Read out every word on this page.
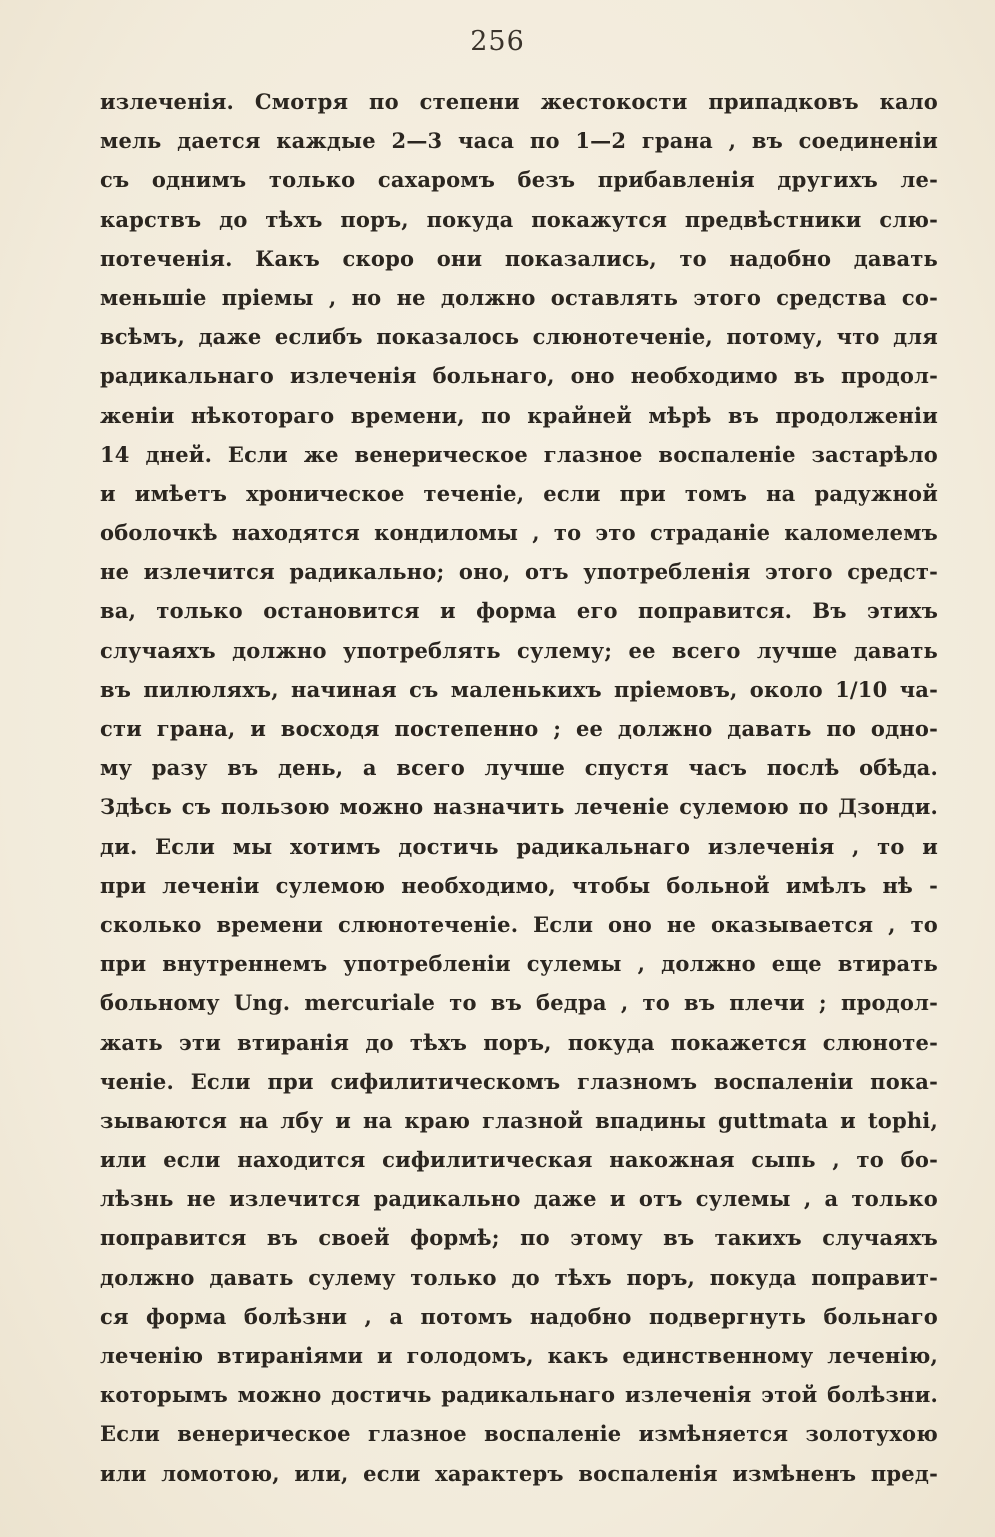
256
излеченія. Смотря по степени жестокости припадковъ кало
мель дается каждые 2—3 часа по 1—2 грана , въ соединеніи
съ однимъ только сахаромъ безъ прибавленія другихъ ле-
карствъ до тѣхъ поръ, покуда покажутся предвѣстники слю-
потеченія. Какъ скоро они показались, то надобно давать
меньшіе пріемы , но не должно оставлять этого средства со-
всѣмъ, даже еслибъ показалось слюнотеченіе, потому, что для
радикальнаго излеченія больнаго, оно необходимо въ продол-
женіи нѣкотораго времени, по крайней мѣрѣ въ продолженіи
14 дней. Если же венерическое глазное воспаленіе застарѣло
и имѣетъ хроническое теченіе, если при томъ на радужной
оболочкѣ находятся кондиломы , то это страданіе каломелемъ
не излечится радикально; оно, отъ употребленія этого средст-
ва, только остановится и форма его поправится. Въ этихъ
случаяхъ должно употреблять сулему; ее всего лучше давать
въ пилюляхъ, начиная съ маленькихъ пріемовъ, около 1/10 ча-
сти грана, и восходя постепенно ; ее должно давать по одно-
му разу въ день, а всего лучше спустя часъ послѣ обѣда.
Здѣсь съ пользою можно назначить леченіе сулемою по Дзонди.
ди. Если мы хотимъ достичь радикальнаго излеченія , то и
при леченіи сулемою необходимо, чтобы больной имѣлъ нѣ -
сколько времени слюнотеченіе. Если оно не оказывается , то
при внутреннемъ употребленіи сулемы , должно еще втирать
больному Ung. mercuriale то въ бедра , то въ плечи ; продол-
жать эти втиранія до тѣхъ поръ, покуда покажется слюноте-
ченіе. Если при сифилитическомъ глазномъ воспаленіи пока-
зываются на лбу и на краю глазной впадины guttmata и tophi,
или если находится сифилитическая накожная сыпь , то бо-
лѣзнь не излечится радикально даже и отъ сулемы , а только
поправится въ своей формѣ; по этому въ такихъ случаяхъ
должно давать сулему только до тѣхъ поръ, покуда поправит-
ся форма болѣзни , а потомъ надобно подвергнуть больнаго
леченію втираніями и голодомъ, какъ единственному леченію,
которымъ можно достичь радикальнаго излеченія этой болѣзни.
Если венерическое глазное воспаленіе измѣняется золотухою
или ломотою, или, если характеръ воспаленія измѣненъ пред-
